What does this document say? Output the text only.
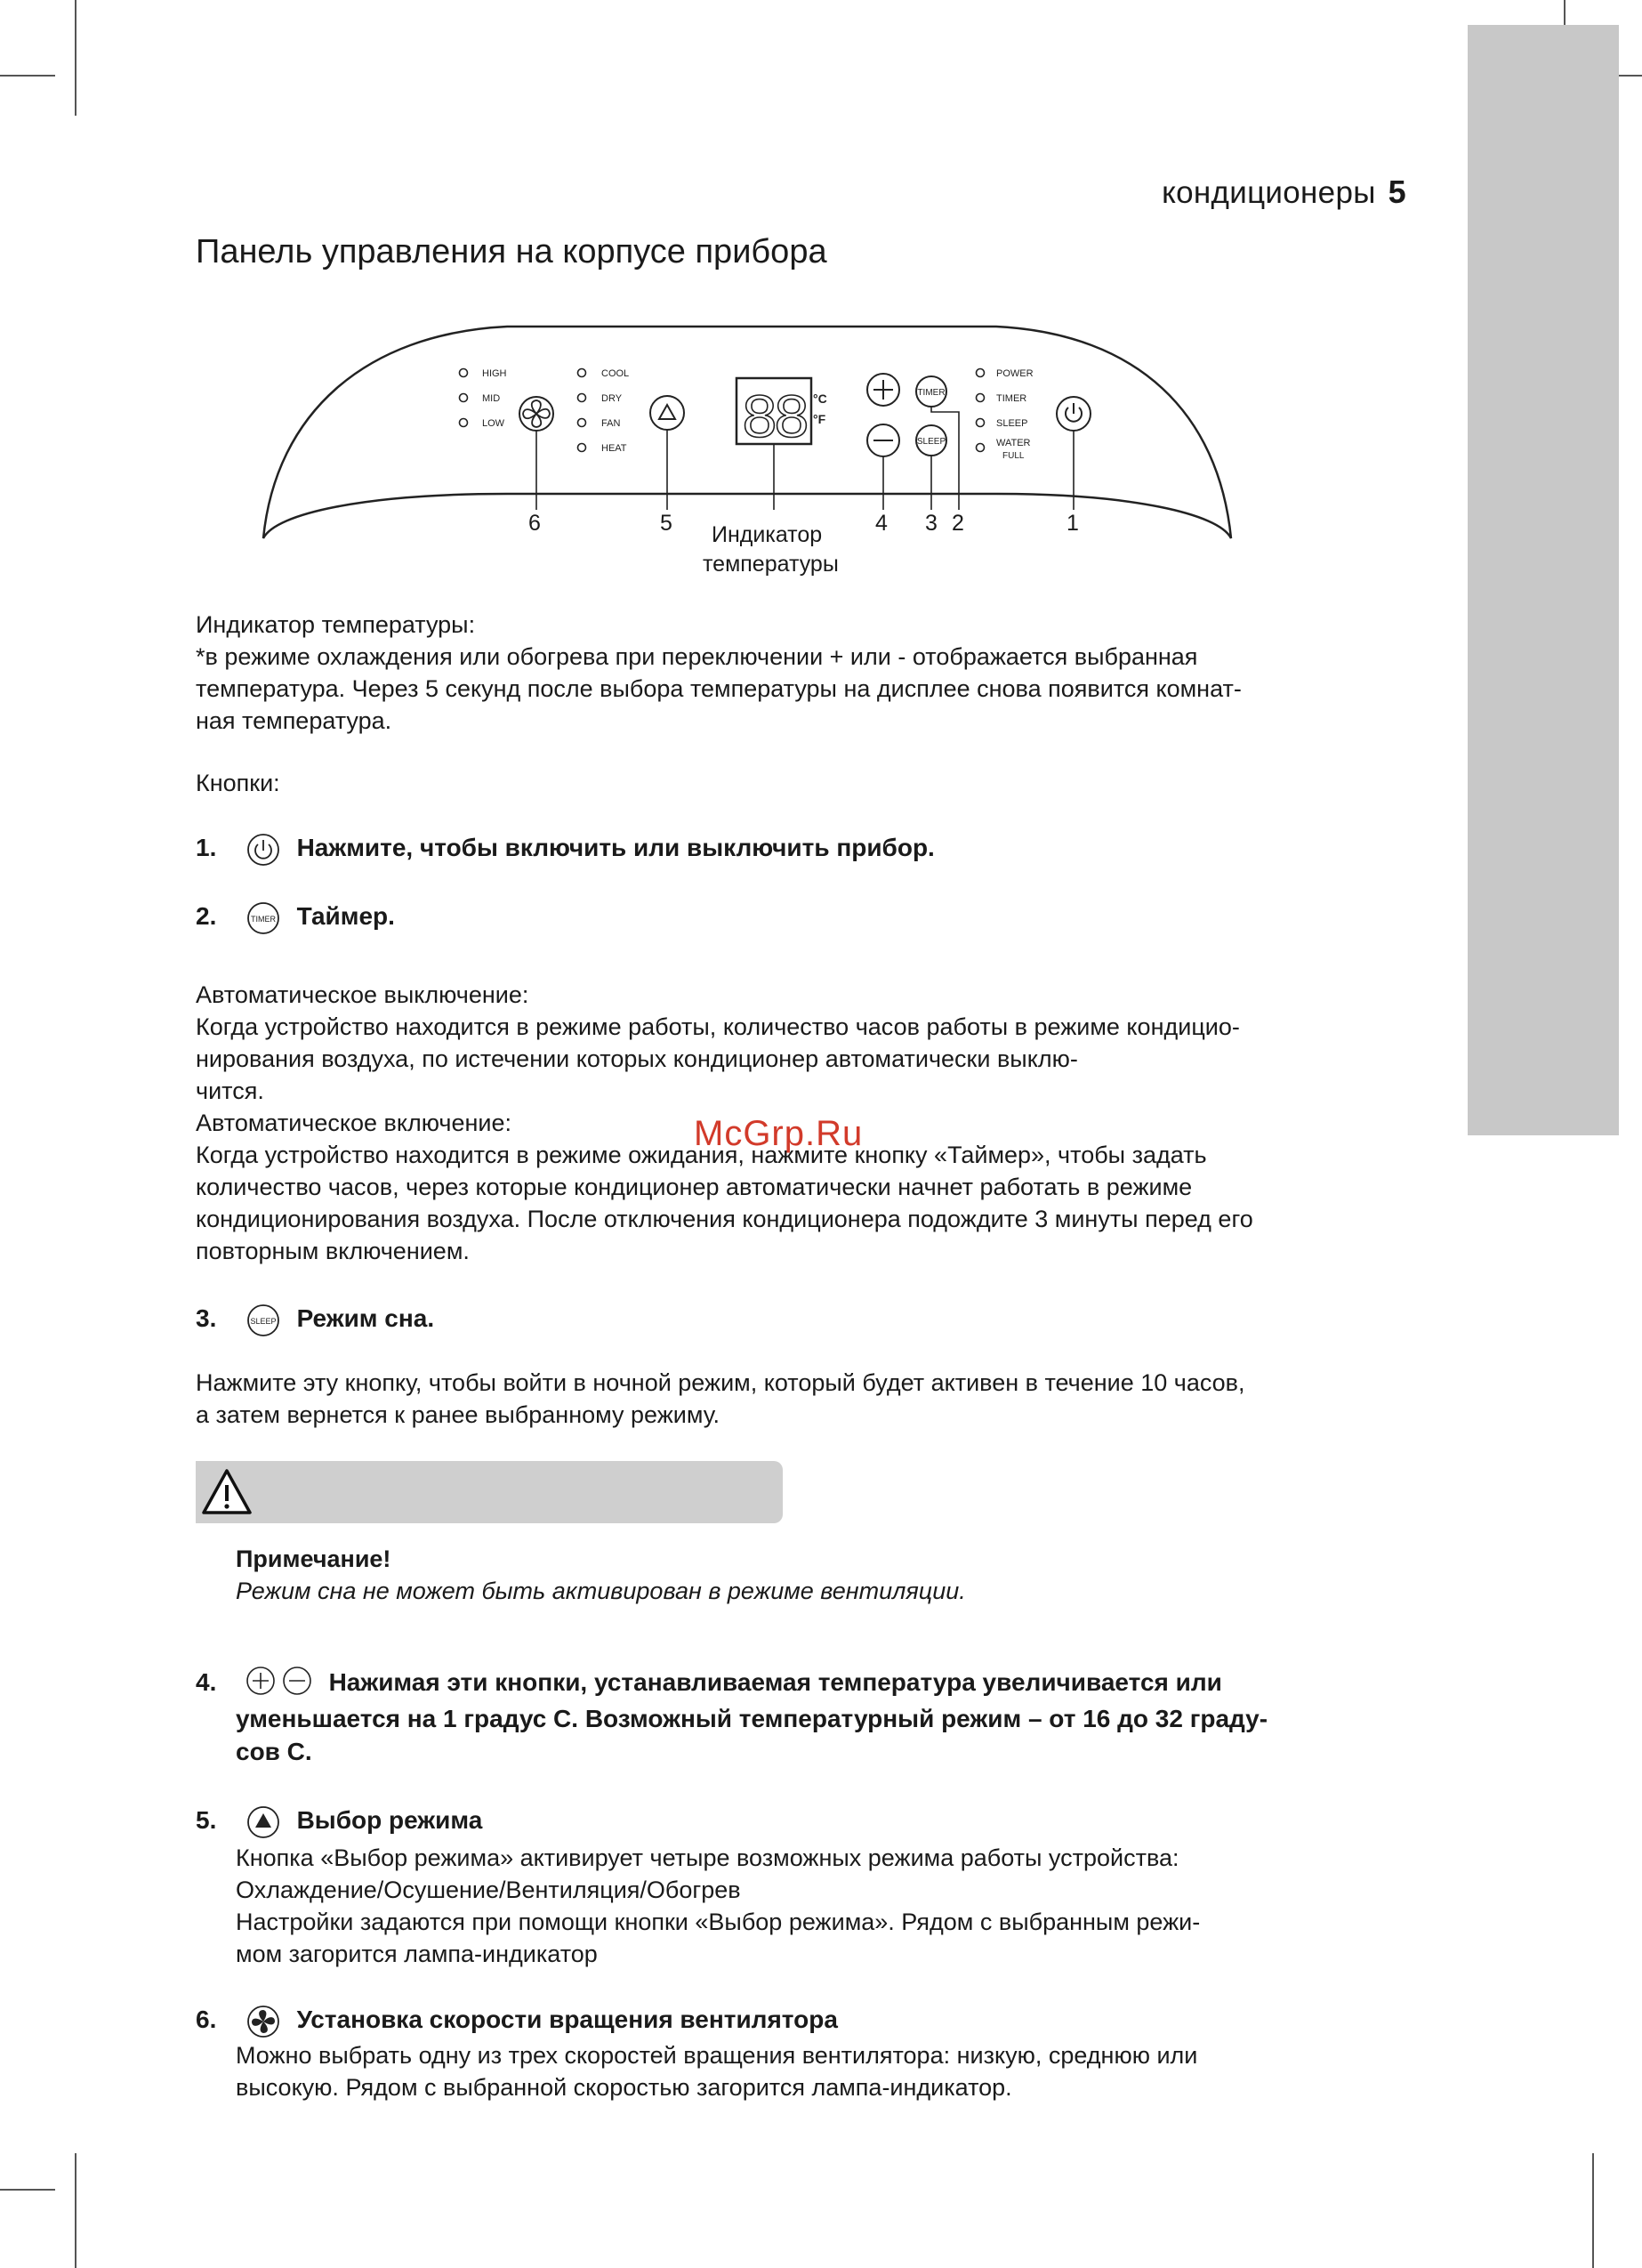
кондиционеры 5
Панель управления на корпусе прибора
HIGH
MID
LOW
COOL
DRY
FAN
HEAT 88 °C
°F
TIMER
SLEEP
POWER
TIMER
SLEEP
WATER
FULL
6	5	4 3 2	1
Индикатор
температуры
Индикатор температуры:
*в режиме охлаждения или обогрева при переключении + или - отображается выбранная
температура. Через 5 секунд после выбора температуры на дисплее снова появится комнат-
ная температура.
Кнопки:
1.	Нажмите, чтобы включить или выключить прибор.
2.	TIMER Таймер.
Автоматическое выключение:
Когда устройство находится в режиме работы, количество часов работы в режиме кондицио-
нирования воздуха, по истечении которых кондиционер автоматически выклю-
чится.
Автоматическое включение:
Когда устройство находится в режиме ожидания, нажмите кнопку «Таймер», чтобы задать
количество часов, через которые кондиционер автоматически начнет работать в режиме
кондиционирования воздуха. После отключения кондиционера подождите 3 минуты перед его
повторным включением.
McGrp.Ru
3.	SLEEP Режим сна.
Нажмите эту кнопку, чтобы войти в ночной режим, который будет активен в течение 10 часов,
а затем вернется к ранее выбранному режиму.
Примечание!
Режим сна не может быть активирован в режиме вентиляции.
4.	Нажимая эти кнопки, устанавливаемая температура увеличивается или
уменьшается на 1 градус С. Возможный температурный режим – от 16 до 32 граду-
сов С.
5.	Выбор режима
Кнопка «Выбор режима» активирует четыре возможных режима работы устройства:
Охлаждение/Осушение/Вентиляция/Обогрев
Настройки задаются при помощи кнопки «Выбор режима». Рядом с выбранным режи-
мом загорится лампа-индикатор
6.	Установка скорости вращения вентилятора
Можно выбрать одну из трех скоростей вращения вентилятора: низкую, среднюю или
высокую. Рядом с выбранной скоростью загорится лампа-индикатор.
